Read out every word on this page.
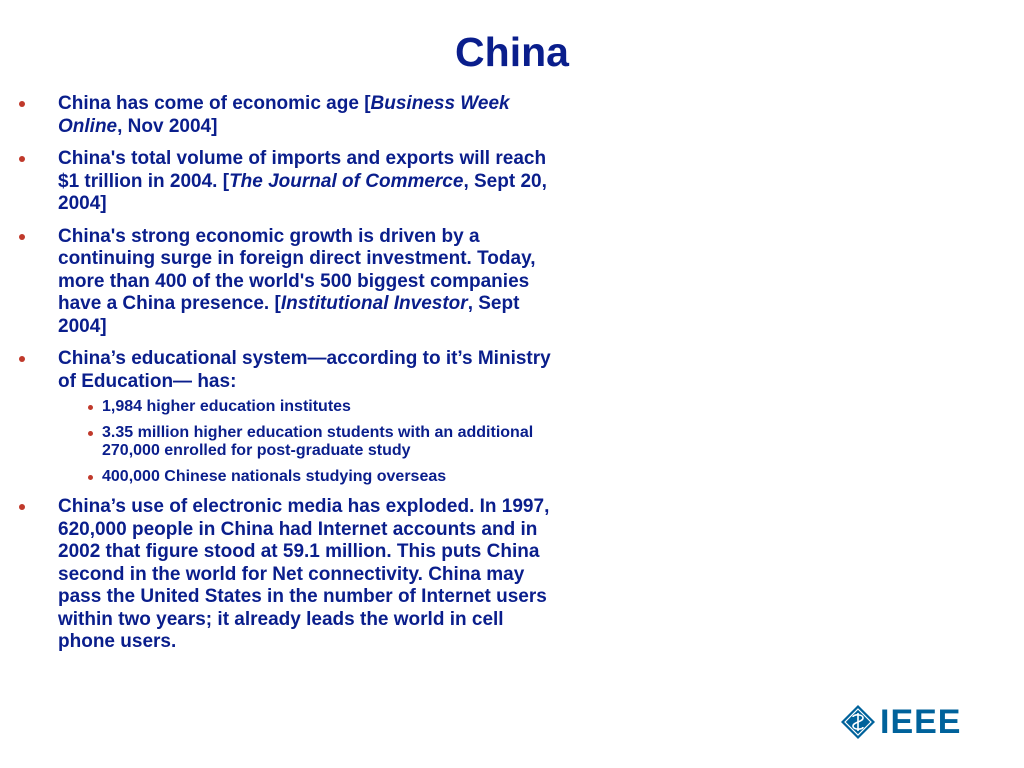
China
China has come of economic age [Business Week Online, Nov 2004]
China's total volume of imports and exports will reach $1 trillion in 2004. [The Journal of Commerce, Sept 20, 2004]
China's strong economic growth is driven by a continuing surge in foreign direct investment. Today, more than 400 of the world's 500 biggest companies have a China presence. [Institutional Investor, Sept 2004]
China’s educational system—according to it’s Ministry of Education— has:
1,984 higher education institutes
3.35 million higher education students with an additional 270,000 enrolled for post-graduate study
400,000 Chinese nationals studying overseas
China’s use of electronic media has exploded. In 1997, 620,000 people in China had Internet accounts and in 2002 that figure stood at 59.1 million. This puts China second in the world for Net connectivity. China may pass the United States in the number of Internet users within two years; it already leads the world in cell phone users.
IEEE
